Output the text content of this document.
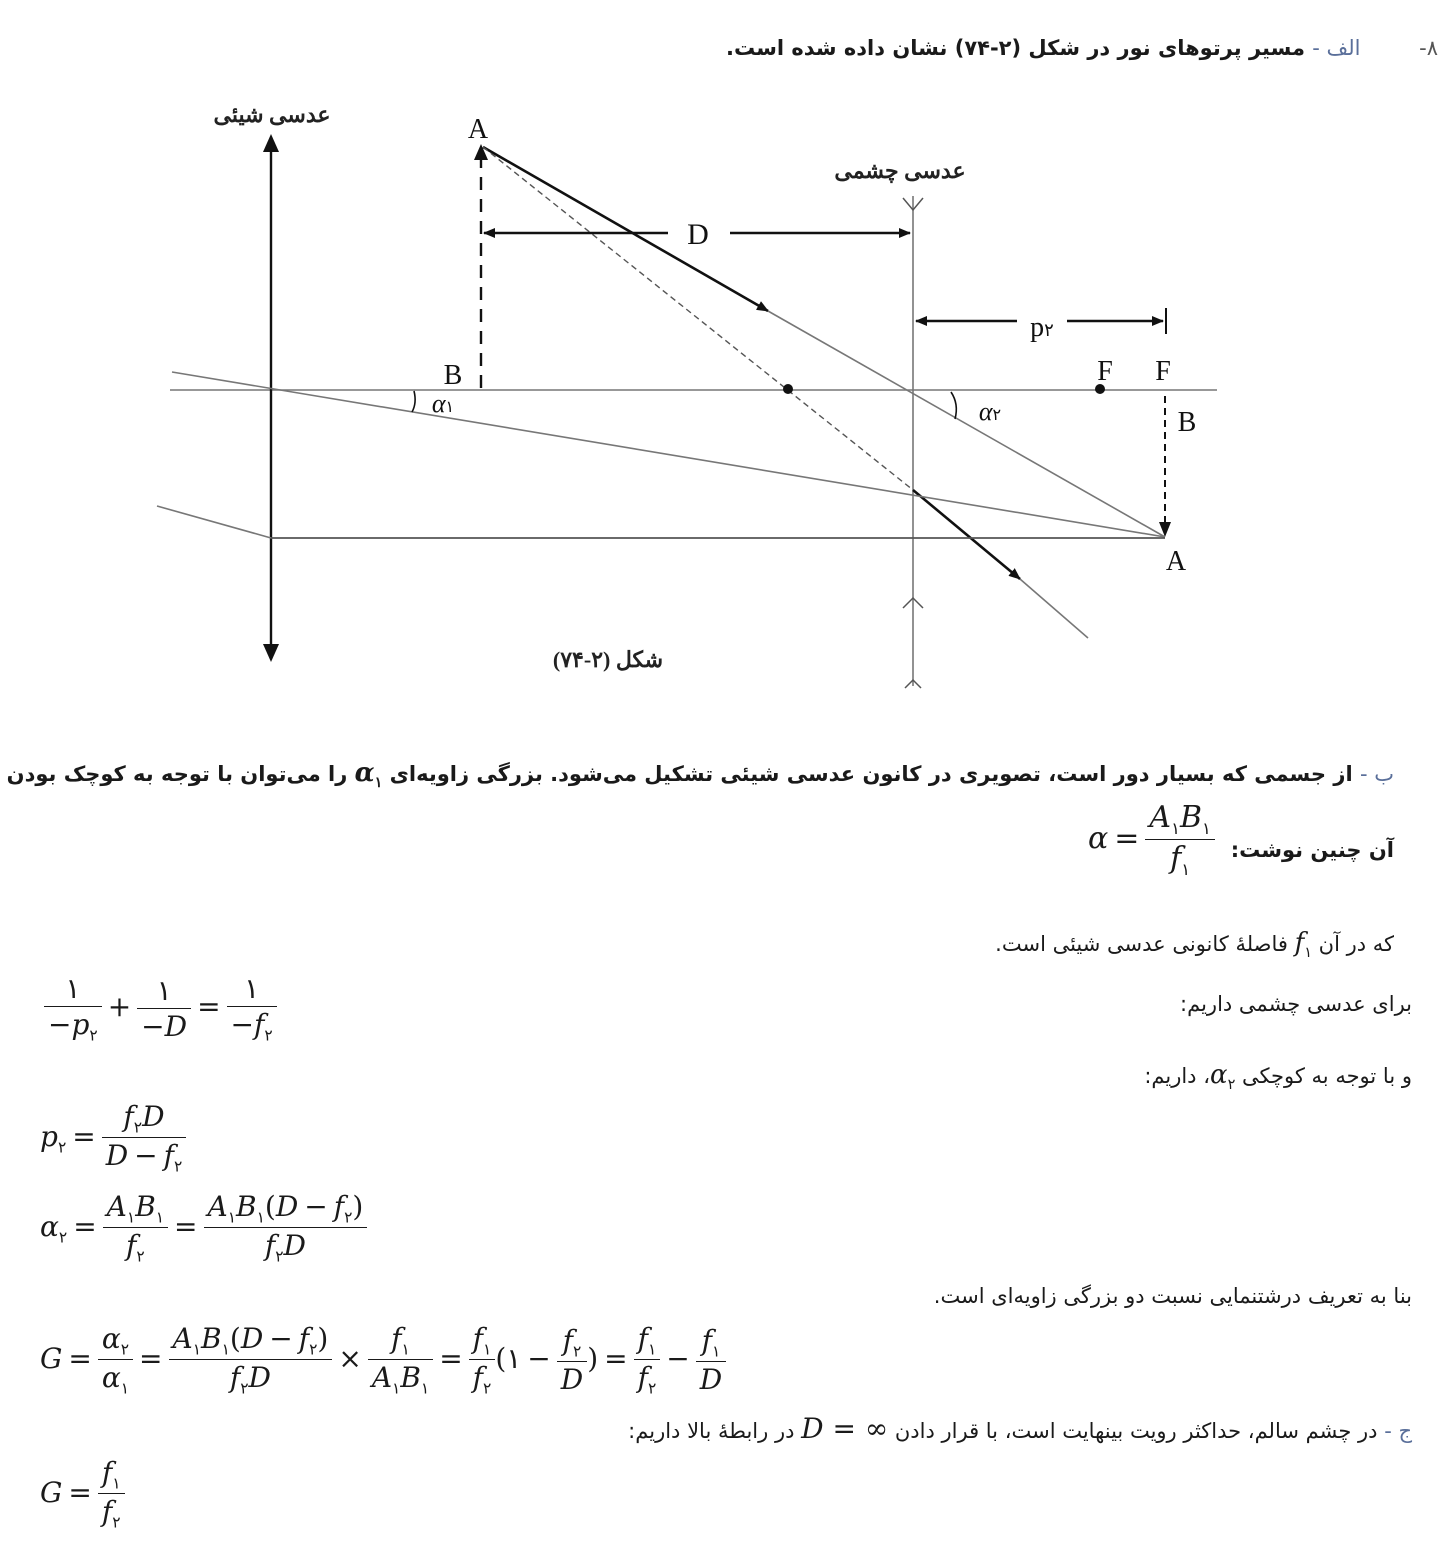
۸-  الف - مسیر پرتوهای نور در شکل (۲-۷۴) نشان داده شده است.
عدسی شیئی
عدسی چشمی
A
B
D
p۲
F F
B
A
α۱	α۲
شکل (۲-۷۴)
ب - از جسمی که بسیار دور است، تصویری در کانون عدسی شیئی تشکیل می‌شود. بزرگی زاویه‌ای $\alpha_۱$ را می‌توان با توجه به کوچک بودن
آن چنین نوشت:
$\alpha = \frac{A_۱B_۱}{f_۱}$
که در آن $f_۱$ فاصلهٔ کانونی عدسی شیئی است.
برای عدسی چشمی داریم:
$\frac{۱}{-p_۲} + \frac{۱}{-D} = \frac{۱}{-f_۲}$
و با توجه به کوچکی $\alpha_۲،$ داریم:
$p_۲ = \frac{f_۲D}{D - f_۲}$
$\alpha_۲ = \frac{A_۱B_۱}{f_۲} = \frac{A_۱B_۱(D - f_۲)}{f_۲D}$
بنا به تعریف درشتنمایی نسبت دو بزرگی زاویه‌ای است.
$G = \frac{\alpha_۲}{\alpha_۱} = \frac{A_۱B_۱(D - f_۲)}{f_۲D} \times \frac{f_۱}{A_۱B_۱} = \frac{f_۱}{f_۲}$ (۱ − $\frac{f_۲}{D}$ ) = $\frac{f_۱}{f_۲} - \frac{f_۱}{D}$
ج - در چشم سالم، حداکثر رویت بینهایت است، با قرار دادن D = ∞ در رابطهٔ بالا داریم:
$G = \frac{f_۱}{f_۲}$
